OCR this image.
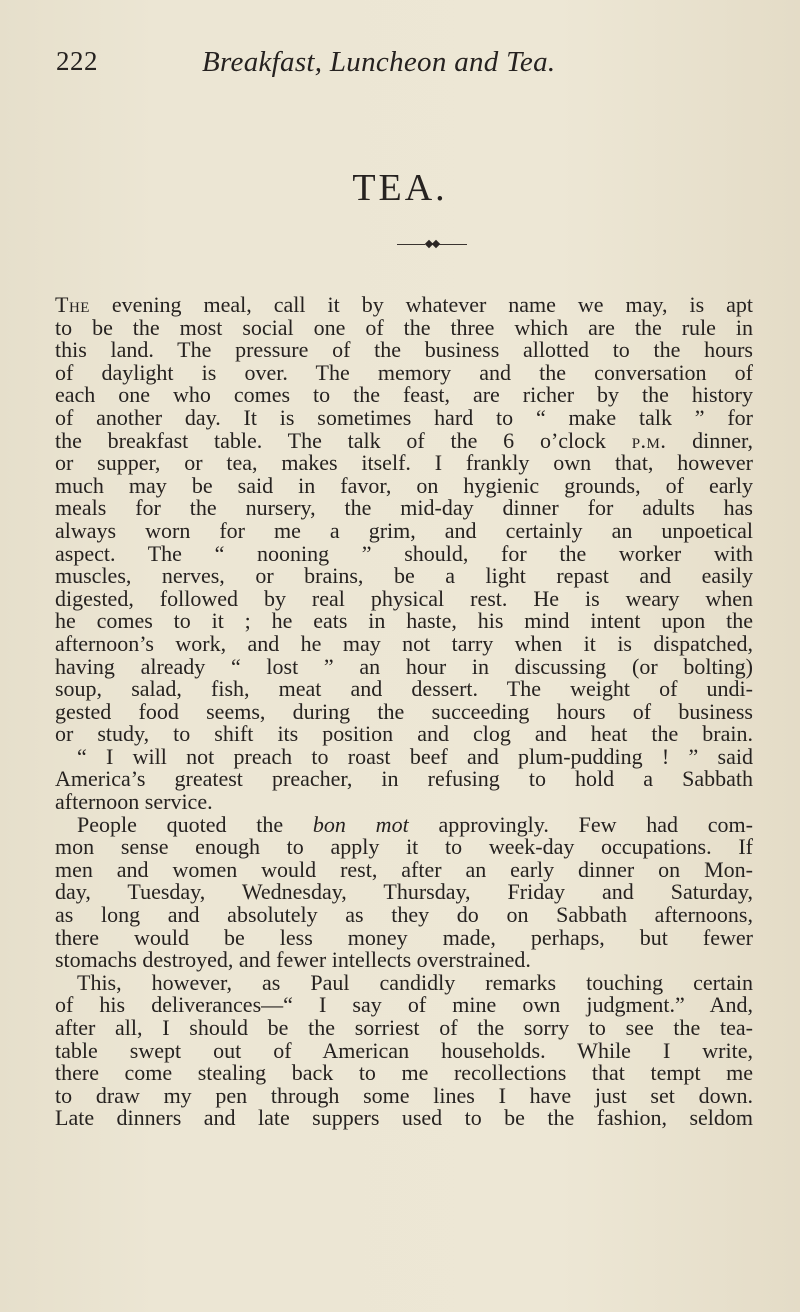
222	Breakfast, Luncheon and Tea.
TEA.
The evening meal, call it by whatever name we may, is apt
to be the most social one of the three which are the rule in
this land. The pressure of the business allotted to the hours
of daylight is over. The memory and the conversation of
each one who comes to the feast, are richer by the history
of another day. It is sometimes hard to “ make talk ” for
the breakfast table. The talk of the 6 o’clock p.m. dinner,
or supper, or tea, makes itself. I frankly own that, however
much may be said in favor, on hygienic grounds, of early
meals for the nursery, the mid-day dinner for adults has
always worn for me a grim, and certainly an unpoetical
aspect. The “ nooning ” should, for the worker with
muscles, nerves, or brains, be a light repast and easily
digested, followed by real physical rest. He is weary when
he comes to it ; he eats in haste, his mind intent upon the
afternoon’s work, and he may not tarry when it is dispatched,
having already “ lost ” an hour in discussing (or bolting)
soup, salad, fish, meat and dessert. The weight of undi-
gested food seems, during the succeeding hours of business
or study, to shift its position and clog and heat the brain.
“ I will not preach to roast beef and plum-pudding ! ” said
America’s greatest preacher, in refusing to hold a Sabbath
afternoon service.
People quoted the bon mot approvingly. Few had com-
mon sense enough to apply it to week-day occupations. If
men and women would rest, after an early dinner on Mon-
day, Tuesday, Wednesday, Thursday, Friday and Saturday,
as long and absolutely as they do on Sabbath afternoons,
there would be less money made, perhaps, but fewer
stomachs destroyed, and fewer intellects overstrained.
This, however, as Paul candidly remarks touching certain
of his deliverances—“ I say of mine own judgment.” And,
after all, I should be the sorriest of the sorry to see the tea-
table swept out of American households. While I write,
there come stealing back to me recollections that tempt me
to draw my pen through some lines I have just set down.
Late dinners and late suppers used to be the fashion, seldom
